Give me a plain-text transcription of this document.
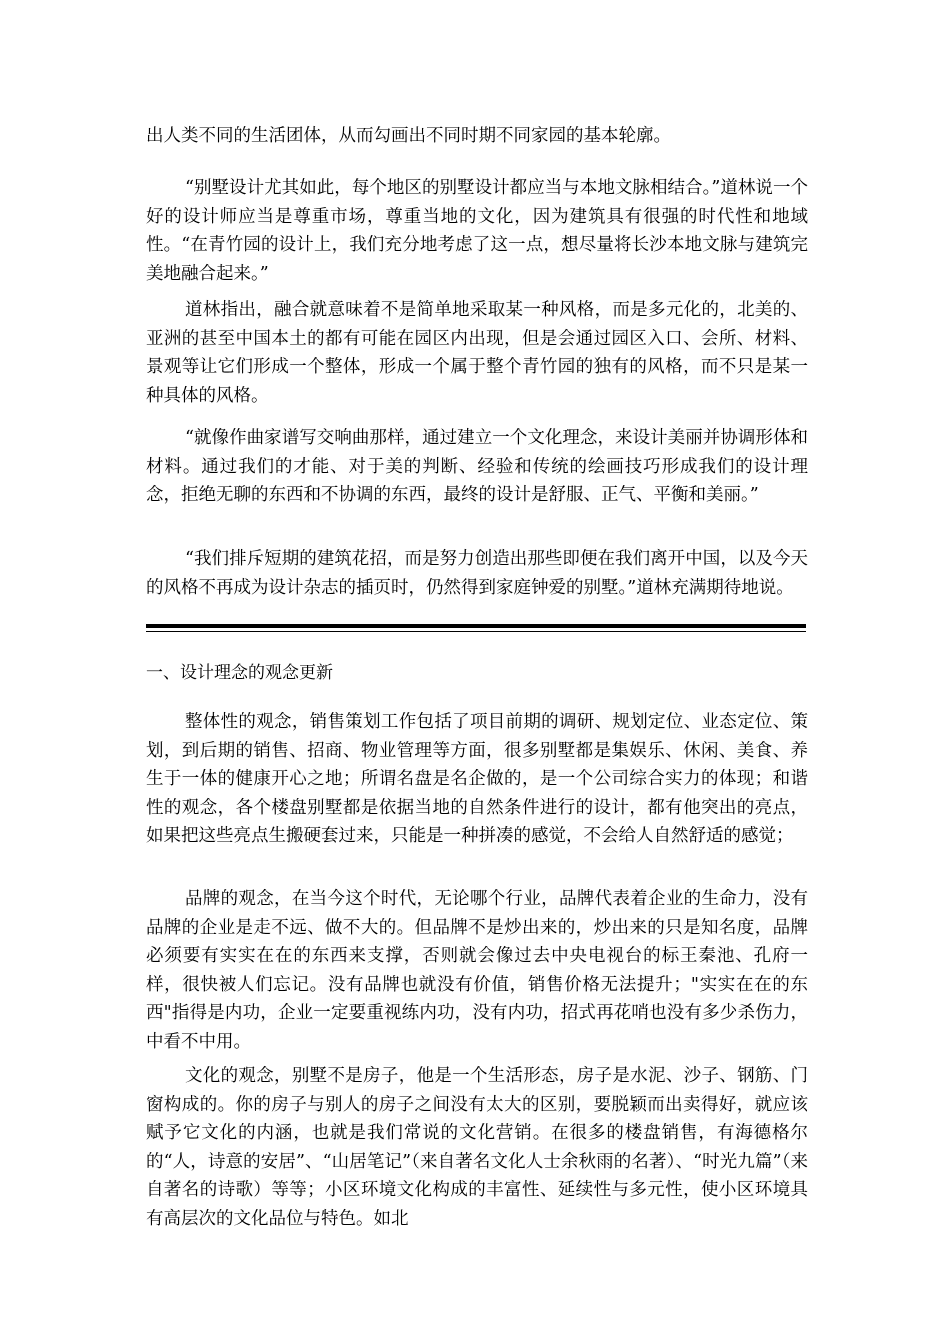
出人类不同的生活团体，从而勾画出不同时期不同家园的基本轮廓。

“别墅设计尤其如此，每个地区的别墅设计都应当与本地文脉相结合。”道林说一个好的设计师应当是尊重市场，尊重当地的文化，因为建筑具有很强的时代性和地域性。“在青竹园的设计上，我们充分地考虑了这一点，想尽量将长沙本地文脉与建筑完美地融合起来。”

道林指出，融合就意味着不是简单地采取某一种风格，而是多元化的，北美的、亚洲的甚至中国本土的都有可能在园区内出现，但是会通过园区入口、会所、材料、景观等让它们形成一个整体，形成一个属于整个青竹园的独有的风格，而不只是某一种具体的风格。

“就像作曲家谱写交响曲那样，通过建立一个文化理念，来设计美丽并协调形体和材料。通过我们的才能、对于美的判断、经验和传统的绘画技巧形成我们的设计理念，拒绝无聊的东西和不协调的东西，最终的设计是舒服、正气、平衡和美丽。”

“我们排斥短期的建筑花招，而是努力创造出那些即便在我们离开中国，以及今天的风格不再成为设计杂志的插页时，仍然得到家庭钟爱的别墅。”道林充满期待地说。

一、设计理念的观念更新

整体性的观念，销售策划工作包括了项目前期的调研、规划定位、业态定位、策划，到后期的销售、招商、物业管理等方面，很多别墅都是集娱乐、休闲、美食、养生于一体的健康开心之地；所谓名盘是名企做的，是一个公司综合实力的体现；和谐性的观念，各个楼盘别墅都是依据当地的自然条件进行的设计，都有他突出的亮点，如果把这些亮点生搬硬套过来，只能是一种拼凑的感觉，不会给人自然舒适的感觉；

品牌的观念，在当今这个时代，无论哪个行业，品牌代表着企业的生命力，没有品牌的企业是走不远、做不大的。但品牌不是炒出来的，炒出来的只是知名度，品牌必须要有实实在在的东西来支撑，否则就会像过去中央电视台的标王秦池、孔府一样，很快被人们忘记。没有品牌也就没有价值，销售价格无法提升；"实实在在的东西"指得是内功，企业一定要重视练内功，没有内功，招式再花哨也没有多少杀伤力，中看不中用。

文化的观念，别墅不是房子，他是一个生活形态，房子是水泥、沙子、钢筋、门窗构成的。你的房子与别人的房子之间没有太大的区别，要脱颖而出卖得好，就应该赋予它文化的内涵，也就是我们常说的文化营销。在很多的楼盘销售，有海德格尔的“人，诗意的安居”、“山居笔记”（来自著名文化人士余秋雨的名著）、“时光九篇”（来自著名的诗歌）等等；小区环境文化构成的丰富性、延续性与多元性，使小区环境具有高层次的文化品位与特色。如北
